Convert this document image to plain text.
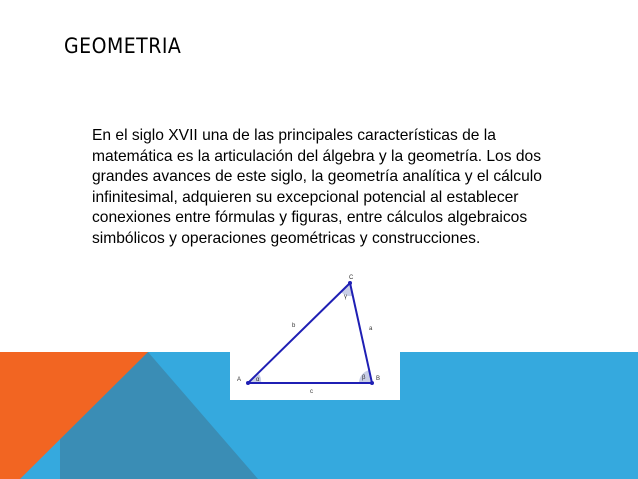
GEOMETRIA

En el siglo XVII una de las principales características de la matemática es la articulación del álgebra y la geometría. Los dos grandes avances de este siglo, la geometría analítica y el cálculo infinitesimal, adquieren su excepcional potencial al establecer conexiones entre fórmulas y figuras, entre cálculos algebraicos simbólicos y operaciones geométricas y construcciones.

A	B
C
a
b
c
α	β
γ
